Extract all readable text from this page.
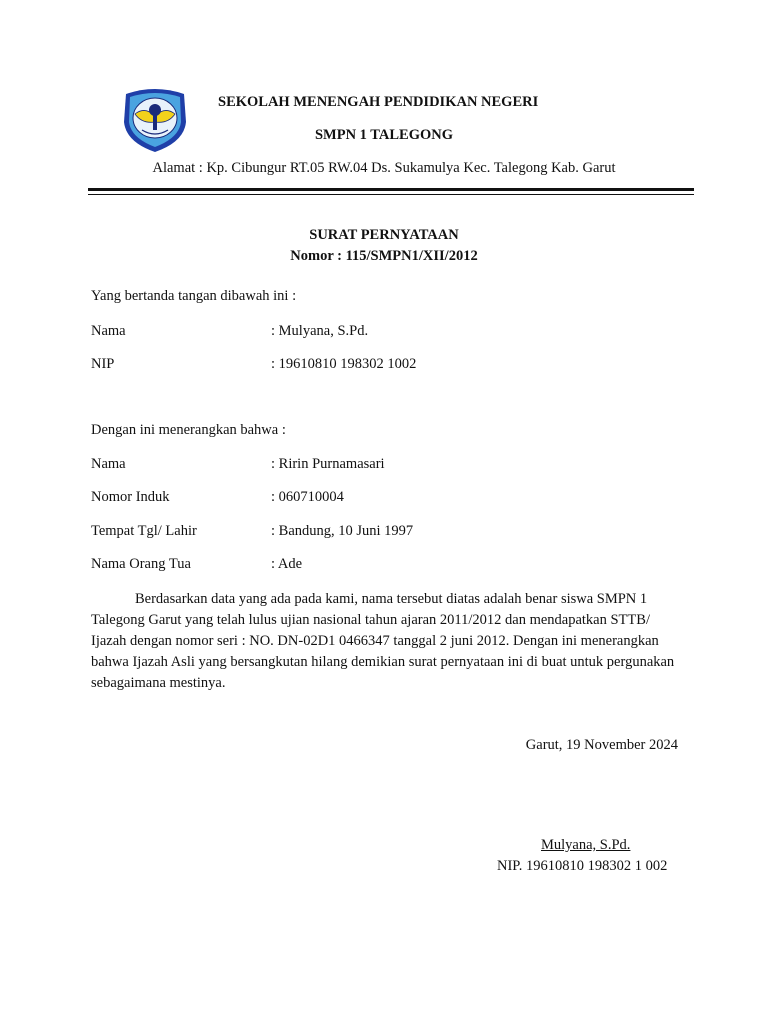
SEKOLAH MENENGAH PENDIDIKAN NEGERI
SMPN 1 TALEGONG
Alamat : Kp. Cibungur RT.05 RW.04 Ds. Sukamulya Kec. Talegong Kab. Garut
SURAT PERNYATAAN
Nomor : 115/SMPN1/XII/2012
Yang bertanda tangan dibawah ini :
Nama	: Mulyana, S.Pd.
NIP	: 19610810 198302 1002
Dengan ini menerangkan bahwa :
Nama	: Ririn Purnamasari
Nomor Induk	: 060710004
Tempat Tgl/ Lahir	: Bandung, 10 Juni 1997
Nama Orang Tua	: Ade
Berdasarkan data yang ada pada kami, nama tersebut diatas adalah benar siswa SMPN 1 Talegong Garut yang telah lulus ujian nasional tahun ajaran 2011/2012 dan mendapatkan STTB/ Ijazah dengan nomor seri : NO. DN-02D1 0466347 tanggal 2 juni 2012. Dengan ini menerangkan bahwa Ijazah Asli yang bersangkutan hilang demikian surat pernyataan ini di buat untuk pergunakan sebagaimana mestinya.
Garut, 19 November 2024
Mulyana, S.Pd.
NIP. 19610810 198302 1 002
